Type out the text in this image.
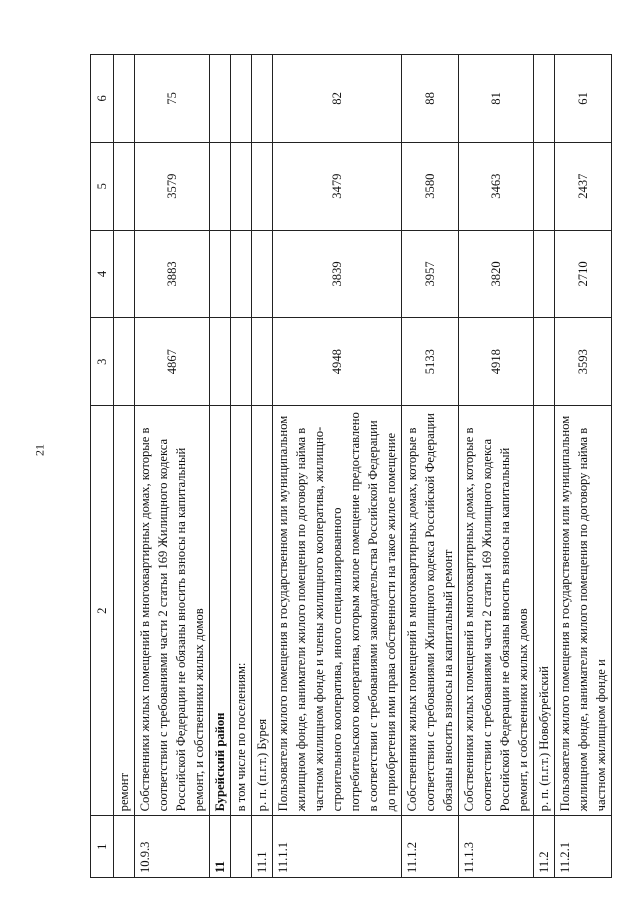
21
1	2	3	4	5	6
	ремонт				
10.9.3	Собственники жилых помещений в многоквартирных домах, которые в соответствии с требованиями части 2 статьи 169 Жилищного кодекса Российской Федерации не обязаны вносить взносы на капитальный ремонт, и собственники жилых домов	4867	3883	3579	75
11	Бурейский район				
	в том числе по поселениям:				
11.1	р. п. (п.г.т.) Бурея				
11.1.1	Пользователи жилого помещения в государственном или муниципальном жилищном фонде, наниматели жилого помещения по договору найма в частном жилищном фонде и члены жилищного кооператива, жилищно-строительного кооператива, иного специализированного потребительского кооператива, которым жилое помещение предоставлено в соответствии с требованиями законодательства Российской Федерации до приобретения ими права собственности на такое жилое помещение	4948	3839	3479	82
11.1.2	Собственники жилых помещений в многоквартирных домах, которые в соответствии с требованиями Жилищного кодекса Российской Федерации обязаны вносить взносы на капитальный ремонт	5133	3957	3580	88
11.1.3	Собственники жилых помещений в многоквартирных домах, которые в соответствии с требованиями части 2 статьи 169 Жилищного кодекса Российской Федерации не обязаны вносить взносы на капитальный ремонт, и собственники жилых домов	4918	3820	3463	81
11.2	р. п. (п.г.т.) Новобурейский				
11.2.1	Пользователи жилого помещения в государственном или муниципальном жилищном фонде, наниматели жилого помещения по договору найма в частном жилищном фонде и	3593	2710	2437	61
